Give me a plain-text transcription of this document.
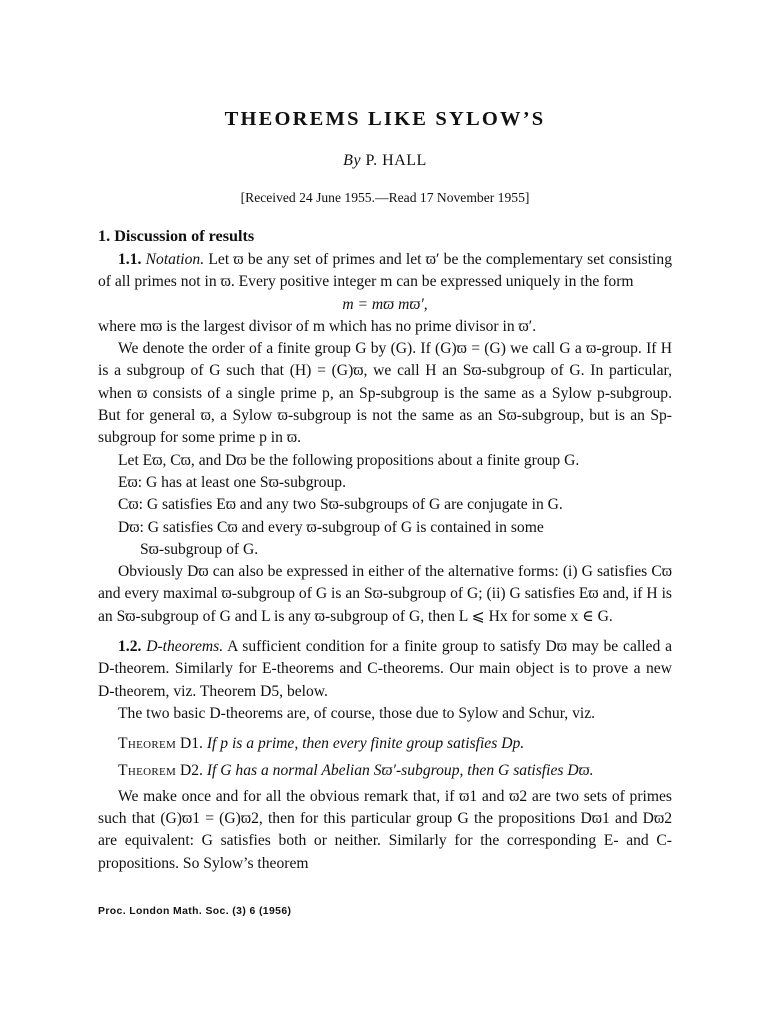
THEOREMS LIKE SYLOW’S
By P. HALL
[Received 24 June 1955.—Read 17 November 1955]
1. Discussion of results

1.1. Notation. Let ϖ be any set of primes and let ϖ′ be the complementary set consisting of all primes not in ϖ. Every positive integer m can be expressed uniquely in the form

m = mϖ mϖ′,

where mϖ is the largest divisor of m which has no prime divisor in ϖ′.

We denote the order of a finite group G by (G). If (G)ϖ = (G) we call G a ϖ-group. If H is a subgroup of G such that (H) = (G)ϖ, we call H an Sϖ-subgroup of G. In particular, when ϖ consists of a single prime p, an Sp-subgroup is the same as a Sylow p-subgroup. But for general ϖ, a Sylow ϖ-subgroup is not the same as an Sϖ-subgroup, but is an Sp-subgroup for some prime p in ϖ.

Let Eϖ, Cϖ, and Dϖ be the following propositions about a finite group G.

Eϖ: G has at least one Sϖ-subgroup.

Cϖ: G satisfies Eϖ and any two Sϖ-subgroups of G are conjugate in G.

Dϖ: G satisfies Cϖ and every ϖ-subgroup of G is contained in some
Sϖ-subgroup of G.

Obviously Dϖ can also be expressed in either of the alternative forms: (i) G satisfies Cϖ and every maximal ϖ-subgroup of G is an Sϖ-subgroup of G; (ii) G satisfies Eϖ and, if H is an Sϖ-subgroup of G and L is any ϖ-subgroup of G, then L ⩽ Hx for some x ∈ G.

1.2. D-theorems. A sufficient condition for a finite group to satisfy Dϖ may be called a D-theorem. Similarly for E-theorems and C-theorems. Our main object is to prove a new D-theorem, viz. Theorem D5, below.

The two basic D-theorems are, of course, those due to Sylow and Schur, viz.

Theorem D1. If p is a prime, then every finite group satisfies Dp.

Theorem D2. If G has a normal Abelian Sϖ′-subgroup, then G satisfies Dϖ.

We make once and for all the obvious remark that, if ϖ1 and ϖ2 are two sets of primes such that (G)ϖ1 = (G)ϖ2, then for this particular group G the propositions Dϖ1 and Dϖ2 are equivalent: G satisfies both or neither. Similarly for the corresponding E- and C-propositions. So Sylow’s theorem

Proc. London Math. Soc. (3) 6 (1956)
